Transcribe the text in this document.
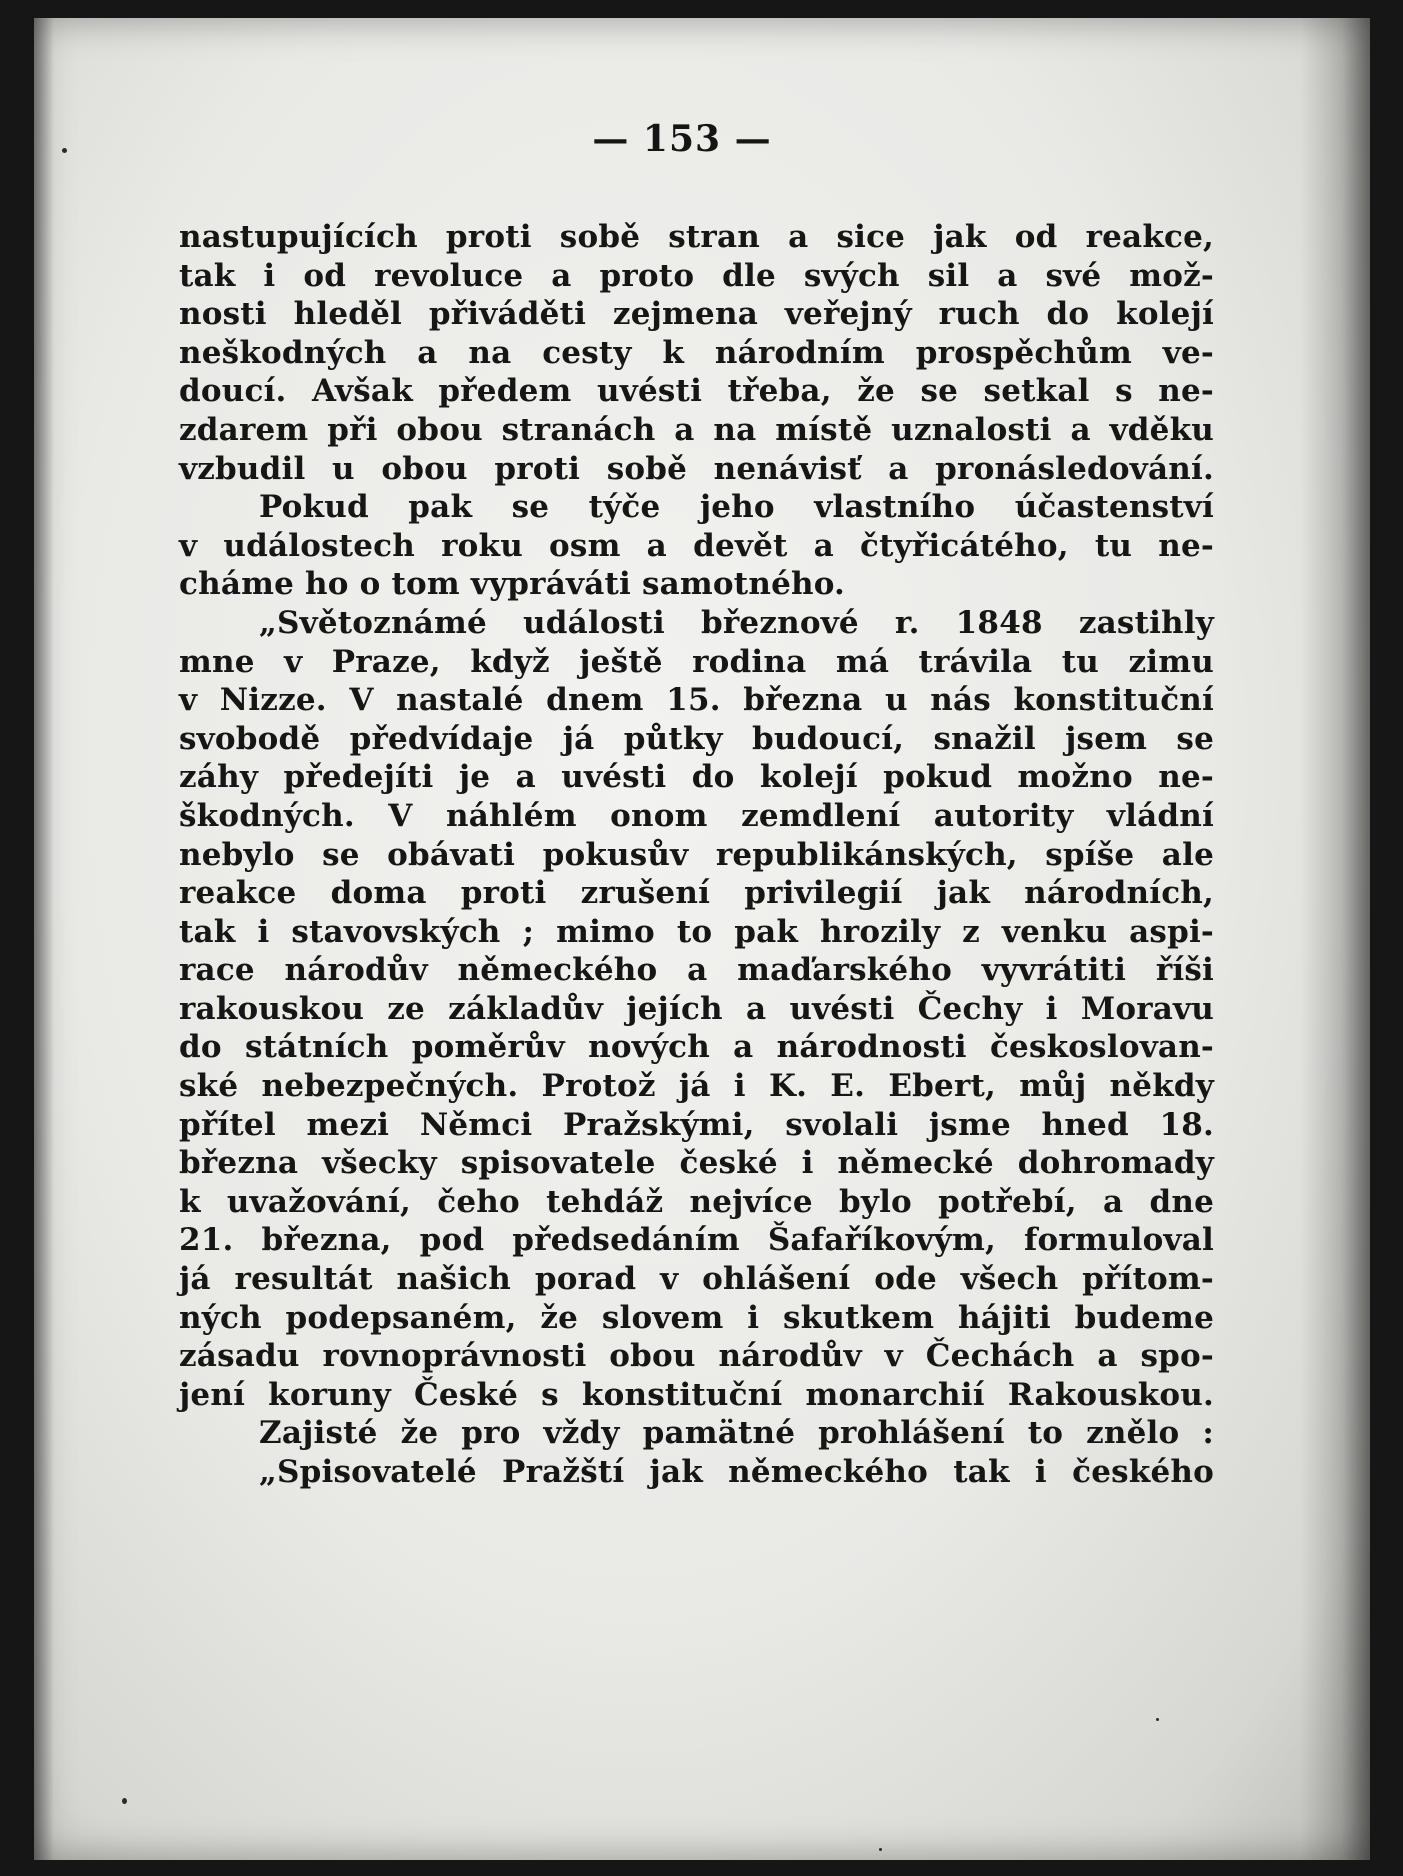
— 153 —
nastupujících proti sobě stran a sice jak od reakce,
tak i od revoluce a proto dle svých sil a své mož-
nosti hleděl přiváděti zejmena veřejný ruch do kolejí
neškodných a na cesty k národním prospěchům ve-
doucí. Avšak předem uvésti třeba, že se setkal s ne-
zdarem při obou stranách a na místě uznalosti a vděku
vzbudil u obou proti sobě nenávisť a pronásledování.
Pokud pak se týče jeho vlastního účastenství
v událostech roku osm a devět a čtyřicátého, tu ne-
cháme ho o tom vypráváti samotného.
„Světoznámé události březnové r. 1848 zastihly
mne v Praze, když ještě rodina má trávila tu zimu
v Nizze. V nastalé dnem 15. března u nás konstituční
svobodě předvídaje já půtky budoucí, snažil jsem se
záhy předejíti je a uvésti do kolejí pokud možno ne-
škodných. V náhlém onom zemdlení autority vládní
nebylo se obávati pokusův republikánských, spíše ale
reakce doma proti zrušení privilegií jak národních,
tak i stavovských ; mimo to pak hrozily z venku aspi-
race národův německého a maďarského vyvrátiti říši
rakouskou ze základův jejích a uvésti Čechy i Moravu
do státních poměrův nových a národnosti českoslovan-
ské nebezpečných. Protož já i K. E. Ebert, můj někdy
přítel mezi Němci Pražskými, svolali jsme hned 18.
března všecky spisovatele české i německé dohromady
k uvažování, čeho tehdáž nejvíce bylo potřebí, a dne
21. března, pod předsedáním Šafaříkovým, formuloval
já resultát našich porad v ohlášení ode všech přítom-
ných podepsaném, že slovem i skutkem hájiti budeme
zásadu rovnoprávnosti obou národův v Čechách a spo-
jení koruny České s konstituční monarchií Rakouskou.
Zajisté že pro vždy pamätné prohlášení to znělo :
„Spisovatelé Pražští jak německého tak i českého
